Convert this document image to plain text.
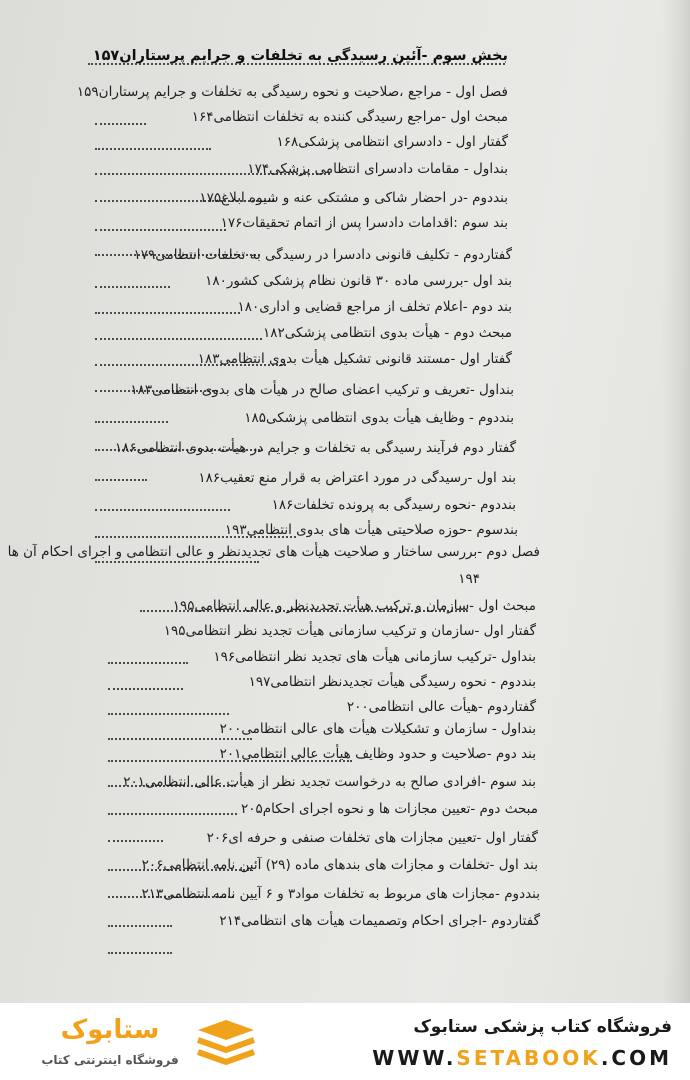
بخش سوم -آئین رسیدگی به تخلفات و جرایم پرستاران۱۵۷
فصل اول - مراجع ،صلاحیت و نحوه رسیدگی به تخلفات و جرایم پرستاران۱۵۹
مبحث اول -مراجع رسیدگی کننده به تخلفات انتظامی۱۶۴
گفتار اول - دادسرای انتظامی پزشکی۱۶۸
بنداول - مقامات دادسرای انتظامی پزشکی۱۷۴
بنددوم -در احضار شاکی و مشتکی عنه و شیوه ابلاغ۱۷۵
بند سوم :اقدامات دادسرا پس از اتمام تحقیقات۱۷۶
گفتاردوم - تکلیف قانونی دادسرا در رسیدگی به تخلفات انتظامی۱۷۹
بند اول -بررسی ماده ۳۰ قانون نظام پزشکی کشور۱۸۰
بند دوم -اعلام تخلف از مراجع قضایی و اداری۱۸۰
مبحث دوم - هیأت بدوی انتظامی پزشکی۱۸۲
گفتار اول -مستند قانونی تشکیل هیأت بدوی انتظامی۱۸۳
بنداول -تعریف و ترکیب اعضای صالح در هیأت های بدوی انتظامی۱۸۳
بنددوم - وظایف هیأت بدوی انتظامی پزشکی۱۸۵
گفتار دوم فرآیند رسیدگی به تخلفات و جرایم در هیأت بدوی انتظامی۱۸۶
بند اول -رسیدگی در مورد اعتراض به قرار منع تعقیب۱۸۶
بنددوم -نحوه رسیدگی به پرونده تخلفات۱۸۶
بندسوم -حوزه صلاحیتی هیأت های بدوی انتظامی۱۹۳
فصل دوم -بررسی ساختار و صلاحیت هیأت های تجدیدنظر و عالی انتظامی و اجرای احکام آن ها
۱۹۴
مبحث اول -سازمان و ترکیب هیأت تجدیدنظر و عالی انتظامی۱۹۵
گفتار اول -سازمان و ترکیب سازمانی هیأت تجدید نظر انتظامی۱۹۵
بنداول -ترکیب سازمانی هیأت های تجدید نظر انتظامی۱۹۶
بنددوم - نحوه رسیدگی هیأت تجدیدنظر انتظامی۱۹۷
گفتاردوم -هیأت عالی انتظامی۲۰۰
بنداول - سازمان و تشکیلات هیأت های عالی انتظامی۲۰۰
بند دوم -صلاحیت و حدود وظایف هیأت عالی انتظامی۲۰۱
بند سوم -افرادی صالح به درخواست تجدید نظر از هیأت عالی انتظامی۲۰۱
مبحث دوم -تعیین مجازات ها و نحوه اجرای احکام۲۰۵
گفتار اول -تعیین مجازات های تخلفات صنفی و حرفه ای۲۰۶
بند اول -تخلفات و مجازات های بندهای ماده (۲۹) آئین نامه انتظامی۲۰۶
بنددوم -مجازات های مربوط به تخلفات مواد۳ و ۶ آیین نامه انتظامی۲۱۳
گفتاردوم -اجرای احکام وتصمیمات هیأت های انتظامی۲۱۴
ستابوک
فروشگاه اینترنتی کتاب
فروشگاه کتاب پزشکی ستابوک
WWW.SETABOOK.COM
